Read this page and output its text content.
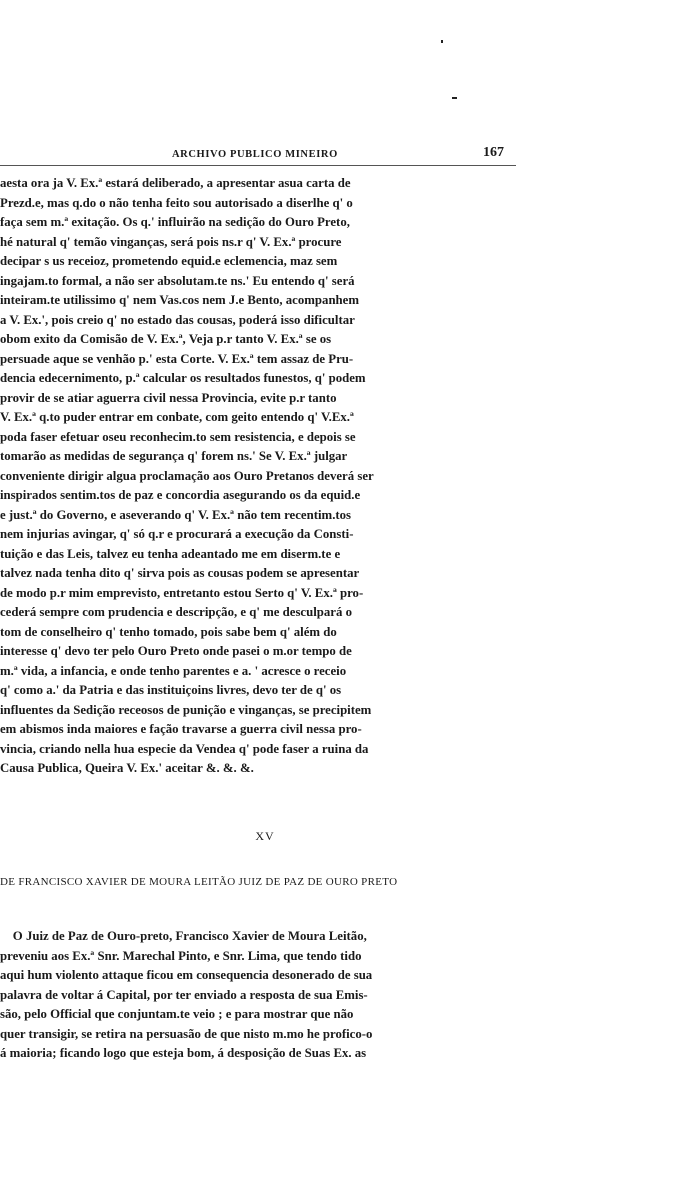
ARCHIVO PUBLICO MINEIRO	167
aesta ora ja V. Ex.ª estará deliberado, a apresentar asua carta de
Prezd.e, mas q.do o não tenha feito sou autorisado a diserlhe q' o
faça sem m.ª exitação. Os q.' influirão na sedição do Ouro Preto,
hé natural q' temão vinganças, será pois ns.r q' V. Ex.ª procure
decipar s us receioz, prometendo equid.e eclemencia, maz sem
ingajam.to formal, a não ser absolutam.te ns.' Eu entendo q' será
inteiram.te utilissimo q' nem Vas.cos nem J.e Bento, acompanhem
a V. Ex.', pois creio q' no estado das cousas, poderá isso dificultar
obom exito da Comisão de V. Ex.ª, Veja p.r tanto V. Ex.ª se os
persuade aque se venhão p.' esta Corte. V. Ex.ª tem assaz de Pru-
dencia edecernimento, p.ª calcular os resultados funestos, q' podem
provir de se atiar aguerra civil nessa Provincia, evite p.r tanto
V. Ex.ª q.to puder entrar em conbate, com geito entendo q' V.Ex.ª
poda faser efetuar oseu reconhecim.to sem resistencia, e depois se
tomarão as medidas de segurança q' forem ns.' Se V. Ex.ª julgar
conveniente dirigir algua proclamação aos Ouro Pretanos deverá ser
inspirados sentim.tos de paz e concordia asegurando os da equid.e
e just.ª do Governo, e aseverando q' V. Ex.ª não tem recentim.tos
nem injurias avingar, q' só q.r e procurará a execução da Consti-
tuição e das Leis, talvez eu tenha adeantado me em diserm.te e
talvez nada tenha dito q' sirva pois as cousas podem se apresentar
de modo p.r mim emprevisto, entretanto estou Serto q' V. Ex.ª pro-
cederá sempre com prudencia e descripção, e q' me desculpará o
tom de conselheiro q' tenho tomado, pois sabe bem q' além do
interesse q' devo ter pelo Ouro Preto onde pasei o m.or tempo de
m.ª vida, a infancia, e onde tenho parentes e a. ' acresce o receio
q' como a.' da Patria e das instituiçoins livres, devo ter de q' os
influentes da Sedição receosos de punição e vinganças, se precipitem
em abismos inda maiores e fação travarse a guerra civil nessa pro-
vincia, criando nella hua especie da Vendea q' pode faser a ruina da
Causa Publica, Queira V. Ex.' aceitar &. &. &.
XV
DE FRANCISCO XAVIER DE MOURA LEITÃO JUIZ DE PAZ DE OURO PRETO
O Juiz de Paz de Ouro-preto, Francisco Xavier de Moura Leitão,
preveniu aos Ex.ª Snr. Marechal Pinto, e Snr. Lima, que tendo tido
aqui hum violento attaque ficou em consequencia desonerado de sua
palavra de voltar á Capital, por ter enviado a resposta de sua Emis-
são, pelo Official que conjuntam.te veio ; e para mostrar que não
quer transigir, se retira na persuasão de que nisto m.mo he profico-o
á maioria; ficando logo que esteja bom, á desposição de Suas Ex. as
